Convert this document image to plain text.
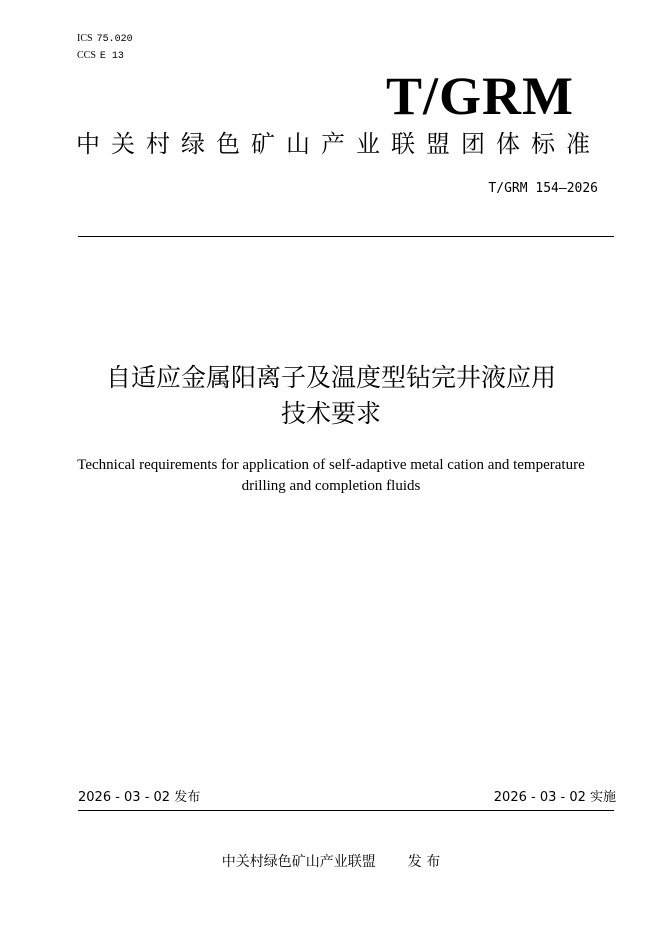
ICS 75.020
CCS E 13
T/GRM
中关村绿色矿山产业联盟团体标准
T/GRM 154—2026
自适应金属阳离子及温度型钻完井液应用
技术要求
Technical requirements for application of self-adaptive metal cation and temperature
drilling and completion fluids
2026 - 03 - 02 发布	2026 - 03 - 02 实施
中关村绿色矿山产业联盟 发 布
